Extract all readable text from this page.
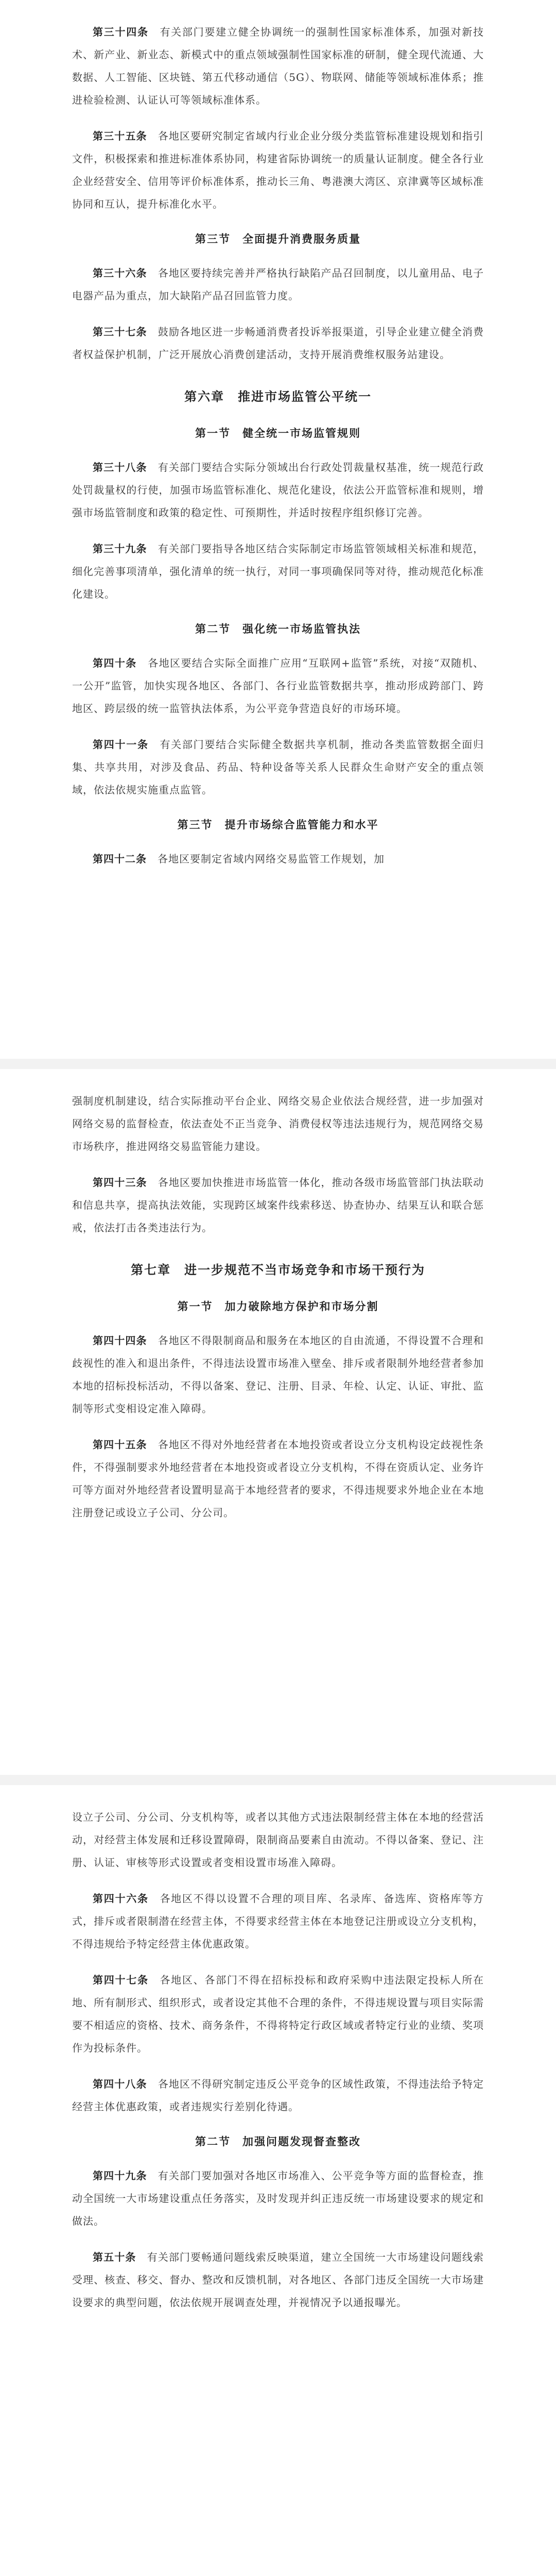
第三十四条　 有关部门要建立健全协调统一的强制性国家标准体系，加强对新技术、新产业、新业态、新模式中的重点领域强制性国家标准的研制，健全现代流通、大数据、人工智能、区块链、第五代移动通信（5G）、物联网、储能等领域标准体系；推进检验检测、认证认可等领域标准体系。

第三十五条　 各地区要研究制定省域内行业企业分级分类监管标准建设规划和指引文件，积极探索和推进标准体系协同，构建省际协调统一的质量认证制度。健全各行业企业经营安全、信用等评价标准体系，推动长三角、粤港澳大湾区、京津冀等区域标准协同和互认，提升标准化水平。

第三节　全面提升消费服务质量

第三十六条　 各地区要持续完善并严格执行缺陷产品召回制度，以儿童用品、电子电器产品为重点，加大缺陷产品召回监管力度。

第三十七条　 鼓励各地区进一步畅通消费者投诉举报渠道，引导企业建立健全消费者权益保护机制，广泛开展放心消费创建活动，支持开展消费维权服务站建设。

第六章　推进市场监管公平统一
第一节　健全统一市场监管规则

第三十八条　 有关部门要结合实际分领域出台行政处罚裁量权基准，统一规范行政处罚裁量权的行使，加强市场监管标准化、规范化建设，依法公开监管标准和规则，增强市场监管制度和政策的稳定性、可预期性，并适时按程序组织修订完善。

第三十九条　 有关部门要指导各地区结合实际制定市场监管领域相关标准和规范，细化完善事项清单，强化清单的统一执行，对同一事项确保同等对待，推动规范化标准化建设。

第二节　强化统一市场监管执法

第四十条　 各地区要结合实际全面推广应用“互联网+监管”系统，对接“双随机、一公开”监管，加快实现各地区、各部门、各行业监管数据共享，推动形成跨部门、跨地区、跨层级的统一监管执法体系，为公平竞争营造良好的市场环境。

第四十一条　 有关部门要结合实际健全数据共享机制，推动各类监管数据全面归集、共享共用，对涉及食品、药品、特种设备等关系人民群众生命财产安全的重点领域，依法依规实施重点监管。

第三节　提升市场综合监管能力和水平

第四十二条　 各地区要制定省域内网络交易监管工作规划，加

强制度机制建设，结合实际推动平台企业、网络交易企业依法合规经营，进一步加强对网络交易的监督检查，依法查处不正当竞争、消费侵权等违法违规行为，规范网络交易市场秩序，推进网络交易监管能力建设。

第四十三条　 各地区要加快推进市场监管一体化，推动各级市场监管部门执法联动和信息共享，提高执法效能，实现跨区域案件线索移送、协查协办、结果互认和联合惩戒，依法打击各类违法行为。

第七章　进一步规范不当市场竞争和市场干预行为
第一节　加力破除地方保护和市场分割

第四十四条　 各地区不得限制商品和服务在本地区的自由流通，不得设置不合理和歧视性的准入和退出条件，不得违法设置市场准入壁垒、排斥或者限制外地经营者参加本地的招标投标活动，不得以备案、登记、注册、目录、年检、认定、认证、审批、监制等形式变相设定准入障碍。

第四十五条　 各地区不得对外地经营者在本地投资或者设立分支机构设定歧视性条件，不得强制要求外地经营者在本地投资或者设立分支机构，不得在资质认定、业务许可等方面对外地经营者设置明显高于本地经营者的要求，不得违规要求外地企业在本地注册登记或设立子公司、分公司。

设立子公司、分公司、分支机构等，或者以其他方式违法限制经营主体在本地的经营活动，对经营主体发展和迁移设置障碍，限制商品要素自由流动。不得以备案、登记、注册、认证、审核等形式设置或者变相设置市场准入障碍。

第四十六条　 各地区不得以设置不合理的项目库、名录库、备选库、资格库等方式，排斥或者限制潜在经营主体，不得要求经营主体在本地登记注册或设立分支机构，不得违规给予特定经营主体优惠政策。

第四十七条　 各地区、各部门不得在招标投标和政府采购中违法限定投标人所在地、所有制形式、组织形式，或者设定其他不合理的条件，不得违规设置与项目实际需要不相适应的资格、技术、商务条件，不得将特定行政区域或者特定行业的业绩、奖项作为投标条件。

第四十八条　 各地区不得研究制定违反公平竞争的区域性政策，不得违法给予特定经营主体优惠政策，或者违规实行差别化待遇。

第二节　加强问题发现督查整改

第四十九条　 有关部门要加强对各地区市场准入、公平竞争等方面的监督检查，推动全国统一大市场建设重点任务落实，及时发现并纠正违反统一市场建设要求的规定和做法。

第五十条　 有关部门要畅通问题线索反映渠道，建立全国统一大市场建设问题线索受理、核查、移交、督办、整改和反馈机制，对各地区、各部门违反全国统一大市场建设要求的典型问题，依法依规开展调查处理，并视情况予以通报曝光。
